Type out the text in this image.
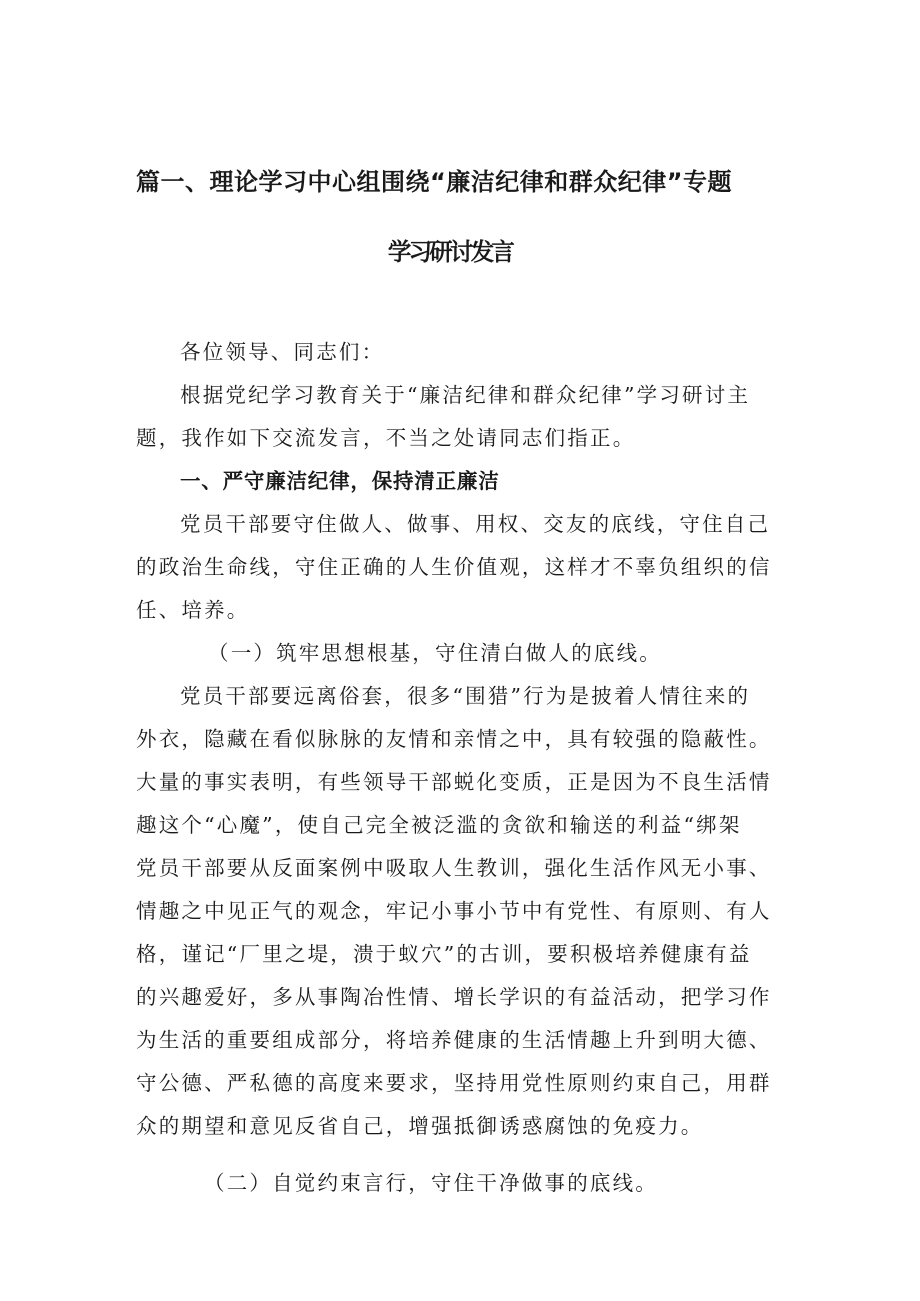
篇一、理论学习中心组围绕“廉洁纪律和群众纪律”专题
学习研讨发言
各位领导、同志们：
根据党纪学习教育关于“廉洁纪律和群众纪律”学习研讨主
题，我作如下交流发言，不当之处请同志们指正。
一、严守廉洁纪律，保持清正廉洁
党员干部要守住做人、做事、用权、交友的底线，守住自己
的政治生命线，守住正确的人生价值观，这样才不辜负组织的信
任、培养。
（一）筑牢思想根基，守住清白做人的底线。
党员干部要远离俗套，很多“围猎”行为是披着人情往来的
外衣，隐藏在看似脉脉的友情和亲情之中，具有较强的隐蔽性。
大量的事实表明，有些领导干部蜕化变质，正是因为不良生活情
趣这个“心魔”，使自己完全被泛滥的贪欲和输送的利益“绑架
党员干部要从反面案例中吸取人生教训，强化生活作风无小事、
情趣之中见正气的观念，牢记小事小节中有党性、有原则、有人
格，谨记“厂里之堤，溃于蚁穴”的古训，要积极培养健康有益
的兴趣爱好，多从事陶冶性情、增长学识的有益活动，把学习作
为生活的重要组成部分，将培养健康的生活情趣上升到明大德、
守公德、严私德的高度来要求，坚持用党性原则约束自己，用群
众的期望和意见反省自己，增强抵御诱惑腐蚀的免疫力。
（二）自觉约束言行，守住干净做事的底线。
